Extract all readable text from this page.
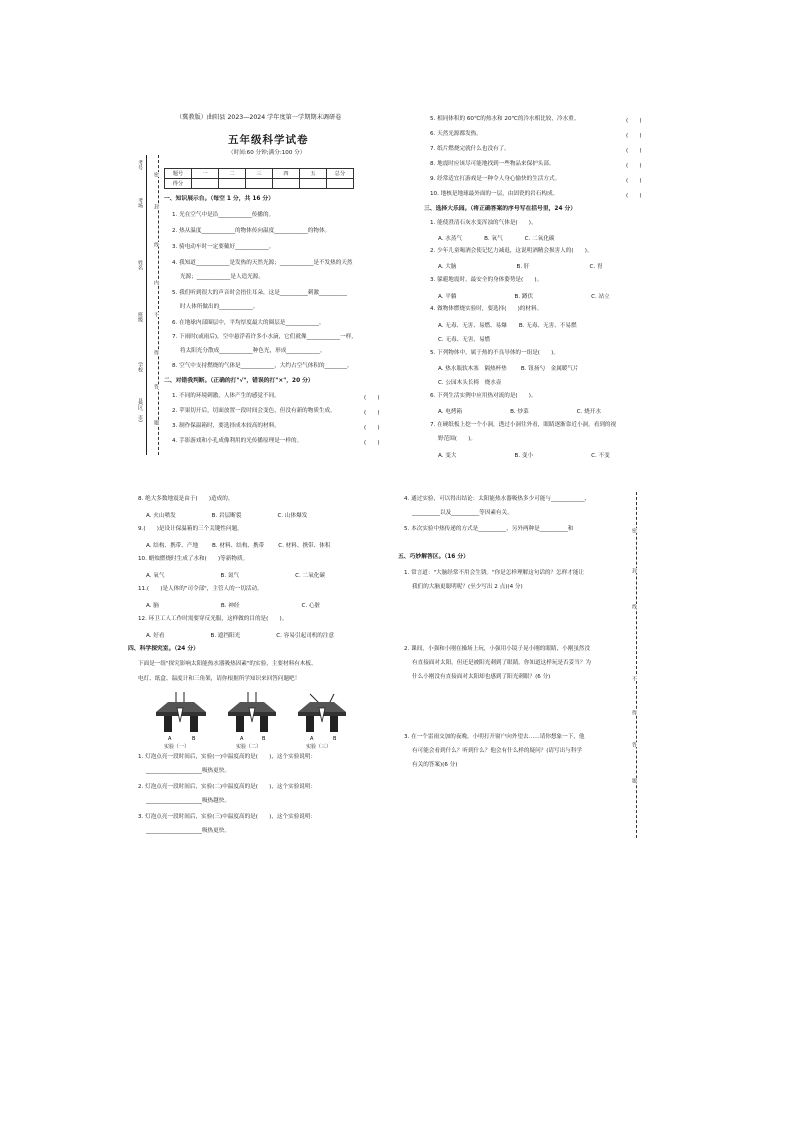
考号
考场
姓名
班级
学校
县(区、市)
密
封
线
内
不
得
答
题
（冀教版）曲阳县 2023—2024 学年度第一学期期末调研卷
五年级科学试卷
（时间:60 分钟;满分:100 分）
题号	一	二	三	四	五	总分
得分						
一、知识展示台。（每空 1 分，共 16 分）
1. 光在空气中是沿____________传播的。
2. 热从温度____________的物体传向温度____________的物体。
3. 骑电动车时一定要戴好____________。
4. 我知道____________是发热的天然光源；____________是不发热的天然
光源；____________是人造光源。
5. 我们听到很大的声音时会捂住耳朵，这是__________刺激__________
时人体所做出的____________。
6. 在地球内部圈层中，平均厚度最大的圈层是____________。
7. 下雨时(或雨后)，空中悬浮着许多小水滴，它们就像____________一样，
将太阳光分散成____________种色光，形成____________。
8. 空气中支持燃烧的气体是____________，大约占空气体积的________。
二、对错我判断。（正确的打"√"，错误的打"×"，20 分）
1. 不同的环境刺激，人体产生的感觉不同。	(　　)
2. 苹果切开后，切面放置一段时间会变色，但没有新的物质生成。	(　　)
3. 制作保温箱时，要选择成本较高的材料。	(　　)
4. 手影游戏和小孔成像利用的光传播原理是一样的。	(　　)
5. 相同体积的 60℃的热水和 20℃的冷水相比较，冷水重。	(　　)
6. 天然光源都发热。	(　　)
7. 纸片燃烧完就什么也没有了。	(　　)
8. 地震时应该尽可能地找到一些物品来保护头部。	(　　)
9. 经常适宜打游戏是一种令人身心愉快的生活方式。	(　　)
10. 地核是地球最外面的一层，由固瓷的岩石构成。	(　　)
三、选择大乐园。（将正确答案的序号写在括号里，24 分）
1. 能使澄清石灰水变浑浊的气体是(　　)。
A. 水蒸气	B. 氧气	C. 二氧化碳
2. 少年儿童喝酒会使记忆力减退，这说明酒精会损害人的(　　)。
A. 大脑	B. 肝	C. 胃
3. 躲避地震时，最安全的身体姿势是(　　)。
A. 平躺	B. 蹲伏	C. 站立
4. 做物体燃烧实验时，要选择(　　)的材料。
A. 无毒、无害、易燃、易爆 B. 无毒、无害、不易燃
C. 无毒、无害、易燃
5. 下列物体中，属于热的不良导体的一组是(　　)。
A. 热水瓶软木塞　隔热杯垫	B. 钮扬勺　金属暖气片
C. 公园木头长椅　烧水壶
6. 下列生活实例中应用热对流的是(　　)。
A. 电烤箱	B. 炒菜	C. 烧开水
7. 在硬纸板上挖一个小洞，透过小洞往外看，眼睛逐渐靠近小洞，看到的视
野范围(　　)。
A. 变大	B. 变小	C. 不变
8. 绝大多数地震是由于(　　)造成的。
A. 火山喷发	B. 岩层断裂	C. 山体爆发
9.(　　)是设计保温箱的三个关键性问题。
A. 结构、携带、产地	B. 材料、结构、携带	C. 材料、携带、体积
10. 蜡烛燃烧时生成了水和(　　)等新物质。
A. 氧气	B. 氮气	C. 二氧化碳
11.(　　)是人体的"司令部"，主管人的一切活动。
A. 脑	B. 神经	C. 心脏
12. 环卫工人工作时需要穿反光服，这样做的目的是(　　)。
A. 好看	B. 遮挡阳光	C. 容易引起司机的注意
四、科学探究室。（24 分）
下面是一组"探究影响太阳能热水器吸热因素"的实验，主要材料有木板、
电灯、纸盒、温度计和三角架，请你根据所学知识来回答问题吧！
A	B	A	B	A	B
实验（一）	实验（二）	实验（三）
1. 灯泡点亮一段时间后，实验(一)中温度高的是(　　)，这个实验说明：
____________________吸热更快。
2. 灯泡点亮一段时间后，实验(二)中温度高的是(　　)，这个实验说明：
____________________吸热越快。
3. 灯泡点亮一段时间后，实验(三)中温度高的是(　　)，这个实验说明：
____________________吸热更快。
4. 通过实验，可以得出结论：太阳能热水器吸热多少可能与____________、
__________以及__________等因素有关。
5. 本次实验中热传递的方式是__________，另外两种是__________和
五、巧妙解答区。（16 分）
1. 常言道："大脑经常不用会生锈。"你是怎样理解这句话的？怎样才能让
我们的大脑更聪明呢？(至少写出 2 点)(4 分)
2. 课间，小强和小刚在操场上玩，小强用小镜子晃小刚的眼睛，小刚虽然没
有直接面对太阳，但还是被阳光刺到了眼睛。你知道这样玩是否妥当？为
什么小刚没有直接面对太阳却也感到了阳光刺眼？(6 分)
3. 在一个雷雨交加的夜晚，小明打开窗户向外望去……请你想象一下，他
有可能会看到什么？听到什么？他会有什么样的疑问？(请写出与科学
有关的答案)(6 分)
密
封
线
不
得
答
题
